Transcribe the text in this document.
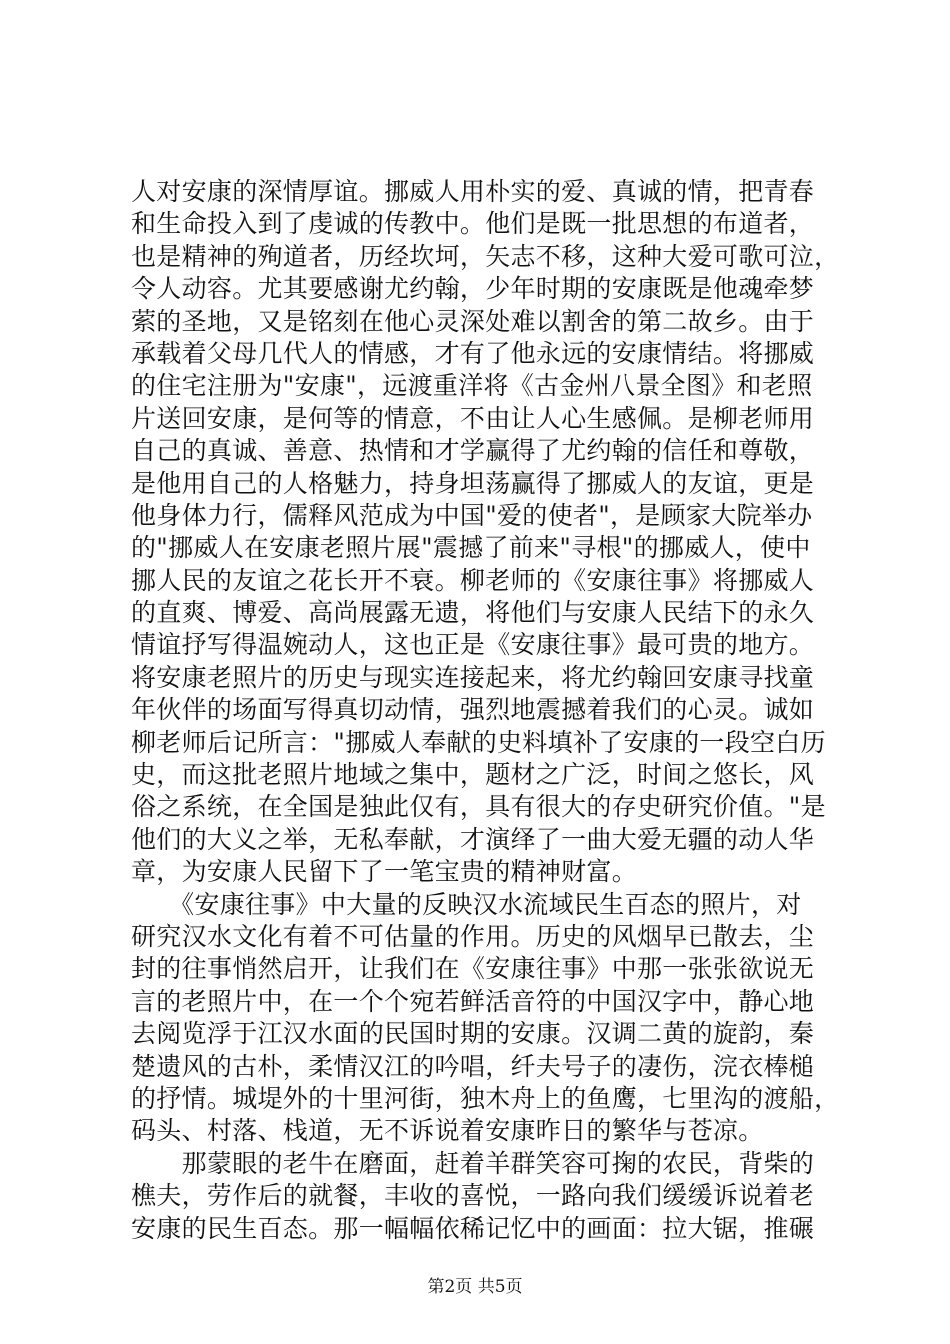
人对安康的深情厚谊。挪威人用朴实的爱、真诚的情，把青春
和生命投入到了虔诚的传教中。他们是既一批思想的布道者，
也是精神的殉道者，历经坎坷，矢志不移，这种大爱可歌可泣，
令人动容。尤其要感谢尤约翰，少年时期的安康既是他魂牵梦
萦的圣地，又是铭刻在他心灵深处难以割舍的第二故乡。由于
承载着父母几代人的情感，才有了他永远的安康情结。将挪威
的住宅注册为"安康"，远渡重洋将《古金州八景全图》和老照
片送回安康，是何等的情意，不由让人心生感佩。是柳老师用
自己的真诚、善意、热情和才学赢得了尤约翰的信任和尊敬，
是他用自己的人格魅力，持身坦荡赢得了挪威人的友谊，更是
他身体力行，儒释风范成为中国"爱的使者"，是顾家大院举办
的"挪威人在安康老照片展"震撼了前来"寻根"的挪威人，使中
挪人民的友谊之花长开不衰。柳老师的《安康往事》将挪威人
的直爽、博爱、高尚展露无遗，将他们与安康人民结下的永久
情谊抒写得温婉动人，这也正是《安康往事》最可贵的地方。
将安康老照片的历史与现实连接起来，将尤约翰回安康寻找童
年伙伴的场面写得真切动情，强烈地震撼着我们的心灵。诚如
柳老师后记所言："挪威人奉献的史料填补了安康的一段空白历
史，而这批老照片地域之集中，题材之广泛，时间之悠长，风
俗之系统，在全国是独此仅有，具有很大的存史研究价值。"是
他们的大义之举，无私奉献，才演绎了一曲大爱无疆的动人华
章，为安康人民留下了一笔宝贵的精神财富。
　　《安康往事》中大量的反映汉水流域民生百态的照片，对
研究汉水文化有着不可估量的作用。历史的风烟早已散去，尘
封的往事悄然启开，让我们在《安康往事》中那一张张欲说无
言的老照片中，在一个个宛若鲜活音符的中国汉字中，静心地
去阅览浮于江汉水面的民国时期的安康。汉调二黄的旋韵，秦
楚遗风的古朴，柔情汉江的吟唱，纤夫号子的凄伤，浣衣棒槌
的抒情。城堤外的十里河街，独木舟上的鱼鹰，七里沟的渡船，
码头、村落、栈道，无不诉说着安康昨日的繁华与苍凉。
　　那蒙眼的老牛在磨面，赶着羊群笑容可掬的农民，背柴的
樵夫，劳作后的就餐，丰收的喜悦，一路向我们缓缓诉说着老
安康的民生百态。那一幅幅依稀记忆中的画面：拉大锯，推碾
第2页 共5页
